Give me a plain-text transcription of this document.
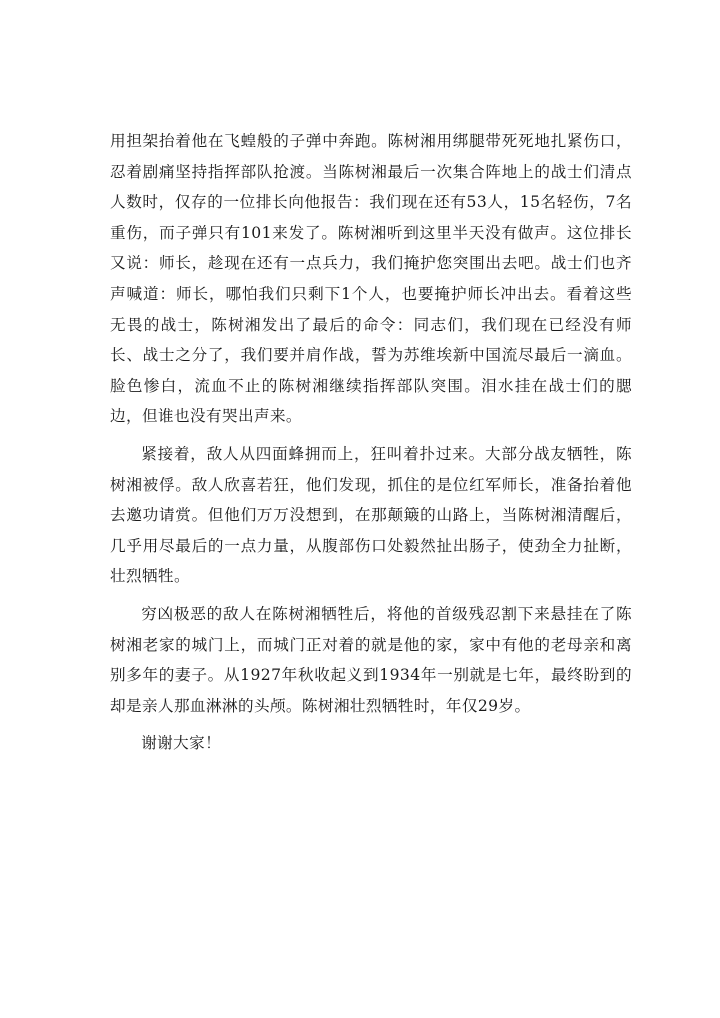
用担架抬着他在飞蝗般的子弹中奔跑。陈树湘用绑腿带死死地扎紧伤口，忍着剧痛坚持指挥部队抢渡。当陈树湘最后一次集合阵地上的战士们清点人数时，仅存的一位排长向他报告：我们现在还有53人，15名轻伤，7名重伤，而子弹只有101来发了。陈树湘听到这里半天没有做声。这位排长又说：师长，趁现在还有一点兵力，我们掩护您突围出去吧。战士们也齐声喊道：师长，哪怕我们只剩下1个人，也要掩护师长冲出去。看着这些无畏的战士，陈树湘发出了最后的命令：同志们，我们现在已经没有师长、战士之分了，我们要并肩作战，誓为苏维埃新中国流尽最后一滴血。脸色惨白，流血不止的陈树湘继续指挥部队突围。泪水挂在战士们的腮边，但谁也没有哭出声来。

紧接着，敌人从四面蜂拥而上，狂叫着扑过来。大部分战友牺牲，陈树湘被俘。敌人欣喜若狂，他们发现，抓住的是位红军师长，准备抬着他去邀功请赏。但他们万万没想到，在那颠簸的山路上，当陈树湘清醒后，几乎用尽最后的一点力量，从腹部伤口处毅然扯出肠子，使劲全力扯断，壮烈牺牲。

穷凶极恶的敌人在陈树湘牺牲后，将他的首级残忍割下来悬挂在了陈树湘老家的城门上，而城门正对着的就是他的家，家中有他的老母亲和离别多年的妻子。从1927年秋收起义到1934年一别就是七年，最终盼到的却是亲人那血淋淋的头颅。陈树湘壮烈牺牲时，年仅29岁。

谢谢大家！
